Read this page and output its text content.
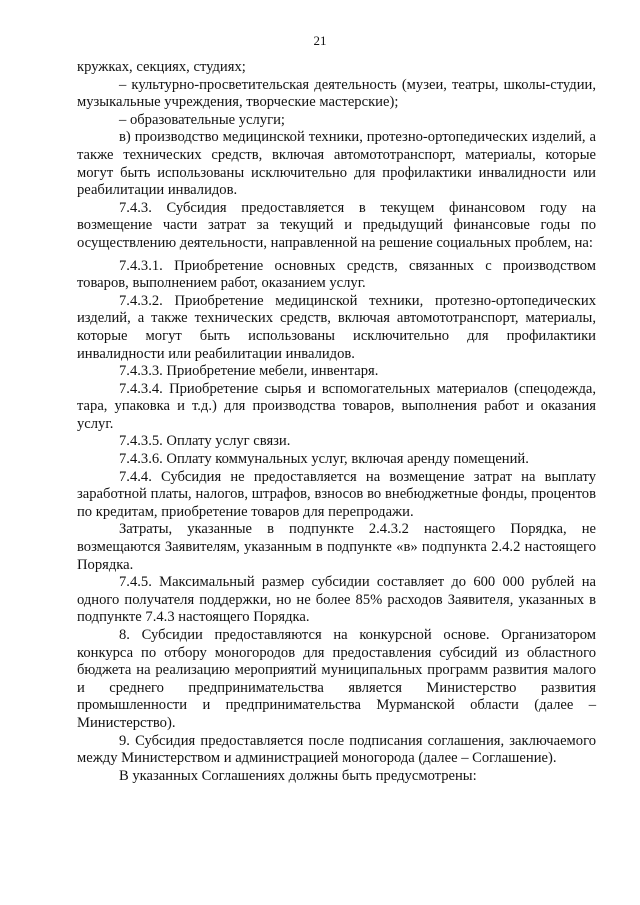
21

кружках, секциях, студиях;

– культурно-просветительская деятельность (музеи, театры, школы-студии, музыкальные учреждения, творческие мастерские);

– образовательные услуги;

в) производство медицинской техники, протезно-ортопедических изделий, а также технических средств, включая автомототранспорт, материалы, которые могут быть использованы исключительно для профилактики инвалидности или реабилитации инвалидов.

7.4.3. Субсидия предоставляется в текущем финансовом году на возмещение части затрат за текущий и предыдущий финансовые годы по осуществлению деятельности, направленной на решение социальных проблем, на:

7.4.3.1. Приобретение основных средств, связанных с производством товаров, выполнением работ, оказанием услуг.

7.4.3.2. Приобретение медицинской техники, протезно-ортопедических изделий, а также технических средств, включая автомототранспорт, материалы, которые могут быть использованы исключительно для профилактики инвалидности или реабилитации инвалидов.

7.4.3.3. Приобретение мебели, инвентаря.

7.4.3.4. Приобретение сырья и вспомогательных материалов (спецодежда, тара, упаковка и т.д.) для производства товаров, выполнения работ и оказания услуг.

7.4.3.5. Оплату услуг связи.

7.4.3.6. Оплату коммунальных услуг, включая аренду помещений.

7.4.4. Субсидия не предоставляется на возмещение затрат на выплату заработной платы, налогов, штрафов, взносов во внебюджетные фонды, процентов по кредитам, приобретение товаров для перепродажи.

Затраты, указанные в подпункте 2.4.3.2 настоящего Порядка, не возмещаются Заявителям, указанным в подпункте «в» подпункта 2.4.2 настоящего Порядка.

7.4.5. Максимальный размер субсидии составляет до 600 000 рублей на одного получателя поддержки, но не более 85% расходов Заявителя, указанных в подпункте 7.4.3 настоящего Порядка.

8. Субсидии предоставляются на конкурсной основе. Организатором конкурса по отбору моногородов для предоставления субсидий из областного бюджета на реализацию мероприятий муниципальных программ развития малого и среднего предпринимательства является Министерство развития промышленности и предпринимательства Мурманской области (далее – Министерство).

9. Субсидия предоставляется после подписания соглашения, заключаемого между Министерством и администрацией моногорода (далее – Соглашение).

В указанных Соглашениях должны быть предусмотрены:
